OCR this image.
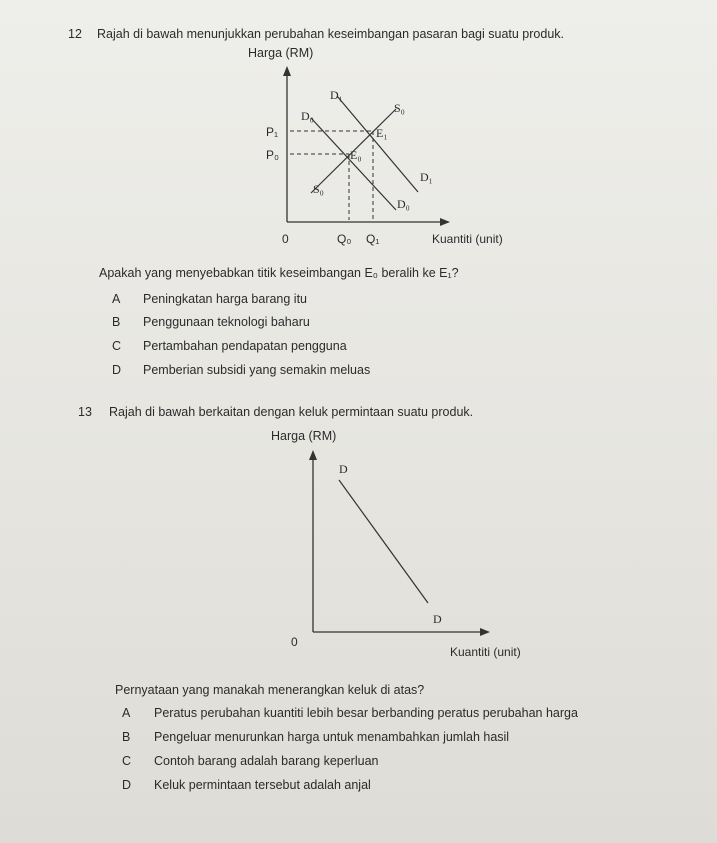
12 Rajah di bawah menunjukkan perubahan keseimbangan pasaran bagi suatu produk.
Harga (RM)
D₁
D₀
S₀
E₁
E₀
S₀
D₁
D₀
P₁
P₀
0	Q₀ Q₁	Kuantiti (unit)
Apakah yang menyebabkan titik keseimbangan E₀ beralih ke E₁?
A Peningkatan harga barang itu
B Penggunaan teknologi baharu
C Pertambahan pendapatan pengguna
D Pemberian subsidi yang semakin meluas
13 Rajah di bawah berkaitan dengan keluk permintaan suatu produk.
Harga (RM)
D
D
0
Kuantiti (unit)
Pernyataan yang manakah menerangkan keluk di atas?
A Peratus perubahan kuantiti lebih besar berbanding peratus perubahan harga
B Pengeluar menurunkan harga untuk menambahkan jumlah hasil
C Contoh barang adalah barang keperluan
D Keluk permintaan tersebut adalah anjal
